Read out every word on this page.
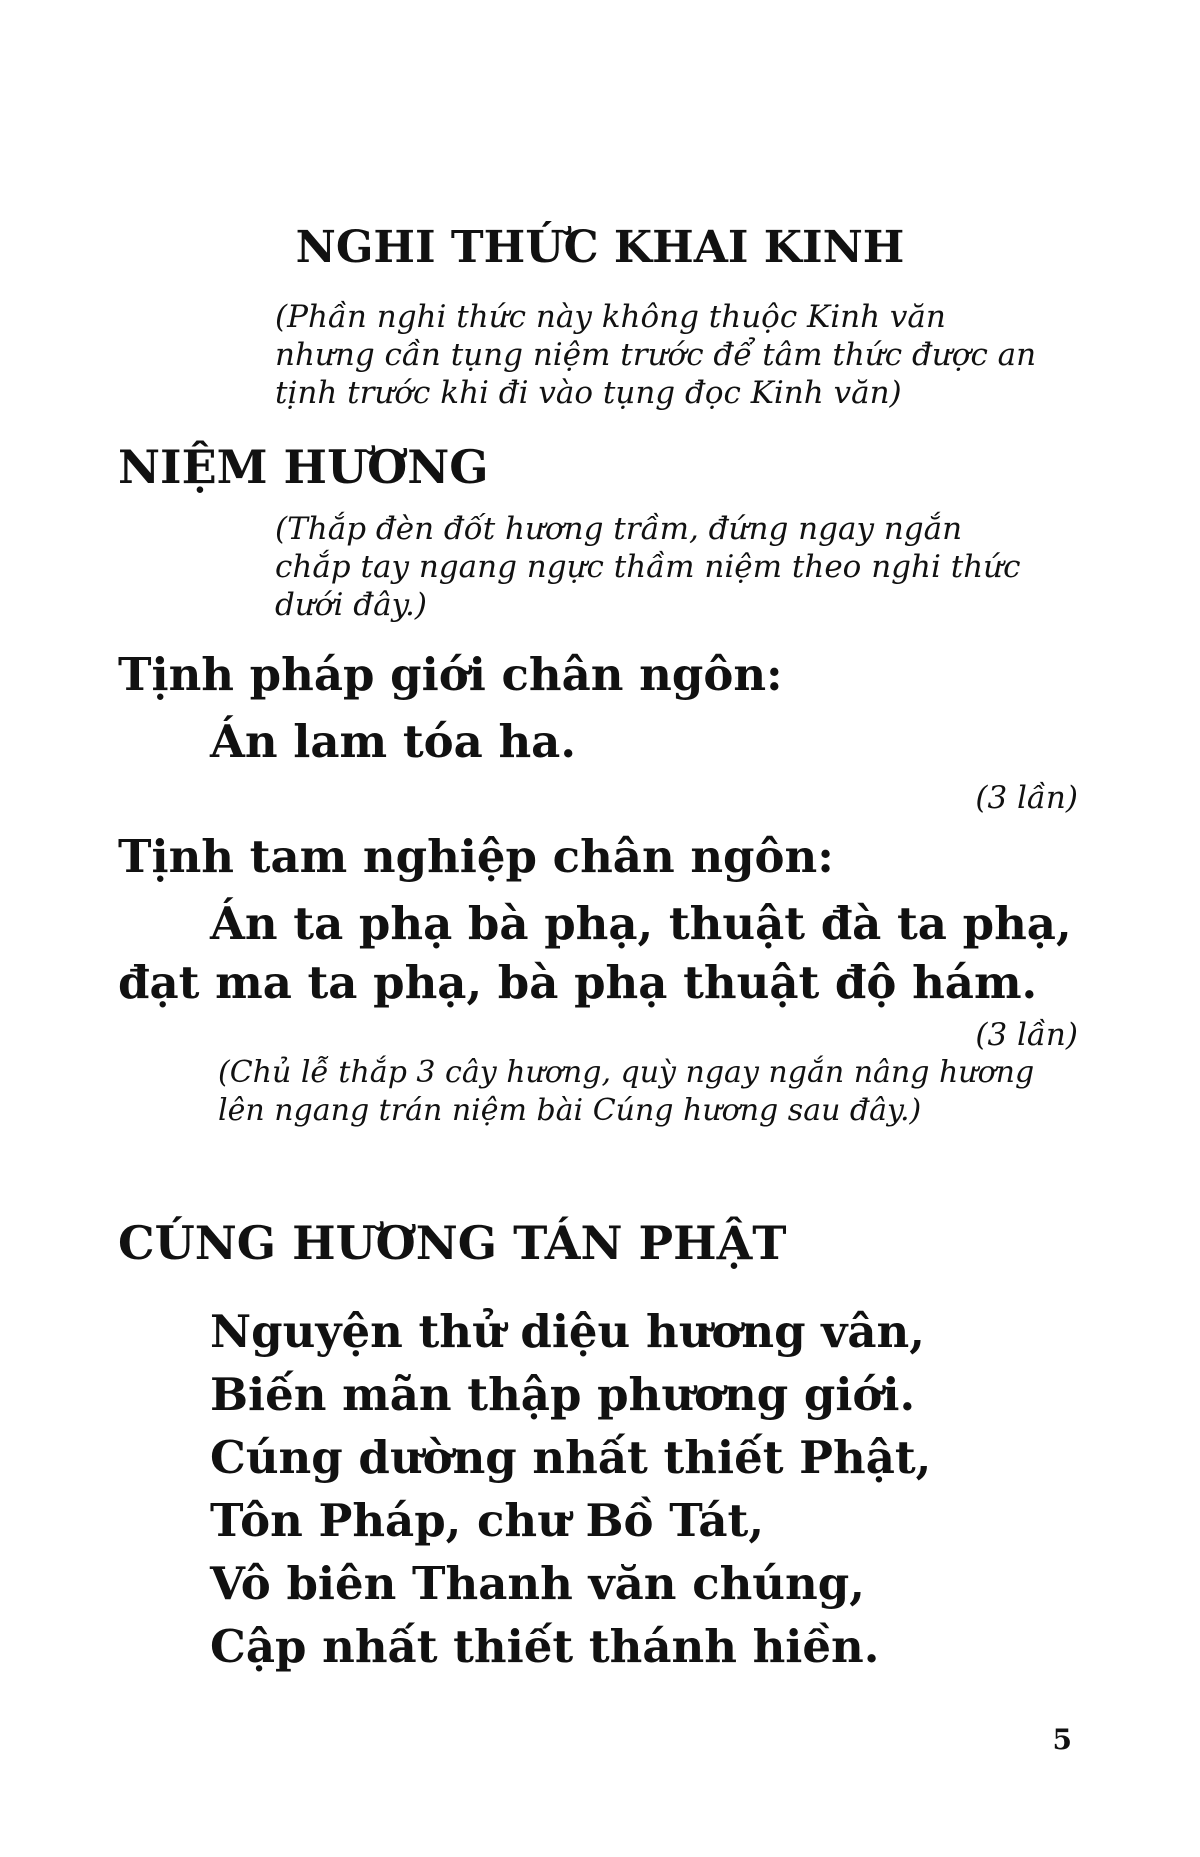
NGHI THỨC KHAI KINH
(Phần nghi thức này không thuộc Kinh văn
nhưng cần tụng niệm trước để tâm thức được an
tịnh trước khi đi vào tụng đọc Kinh văn)
NIỆM HƯƠNG
(Thắp đèn đốt hương trầm, đứng ngay ngắn
chắp tay ngang ngực thầm niệm theo nghi thức
dưới đây.)
Tịnh pháp giới chân ngôn:
Án lam tóa ha.
(3 lần)
Tịnh tam nghiệp chân ngôn:
Án ta phạ bà phạ, thuật đà ta phạ,
đạt ma ta phạ, bà phạ thuật độ hám.
(3 lần)
(Chủ lễ thắp 3 cây hương, quỳ ngay ngắn nâng hương
lên ngang trán niệm bài Cúng hương sau đây.)
CÚNG HƯƠNG TÁN PHẬT
Nguyện thử diệu hương vân,
Biến mãn thập phương giới.
Cúng dường nhất thiết Phật,
Tôn Pháp, chư Bồ Tát,
Vô biên Thanh văn chúng,
Cập nhất thiết thánh hiền.
5
